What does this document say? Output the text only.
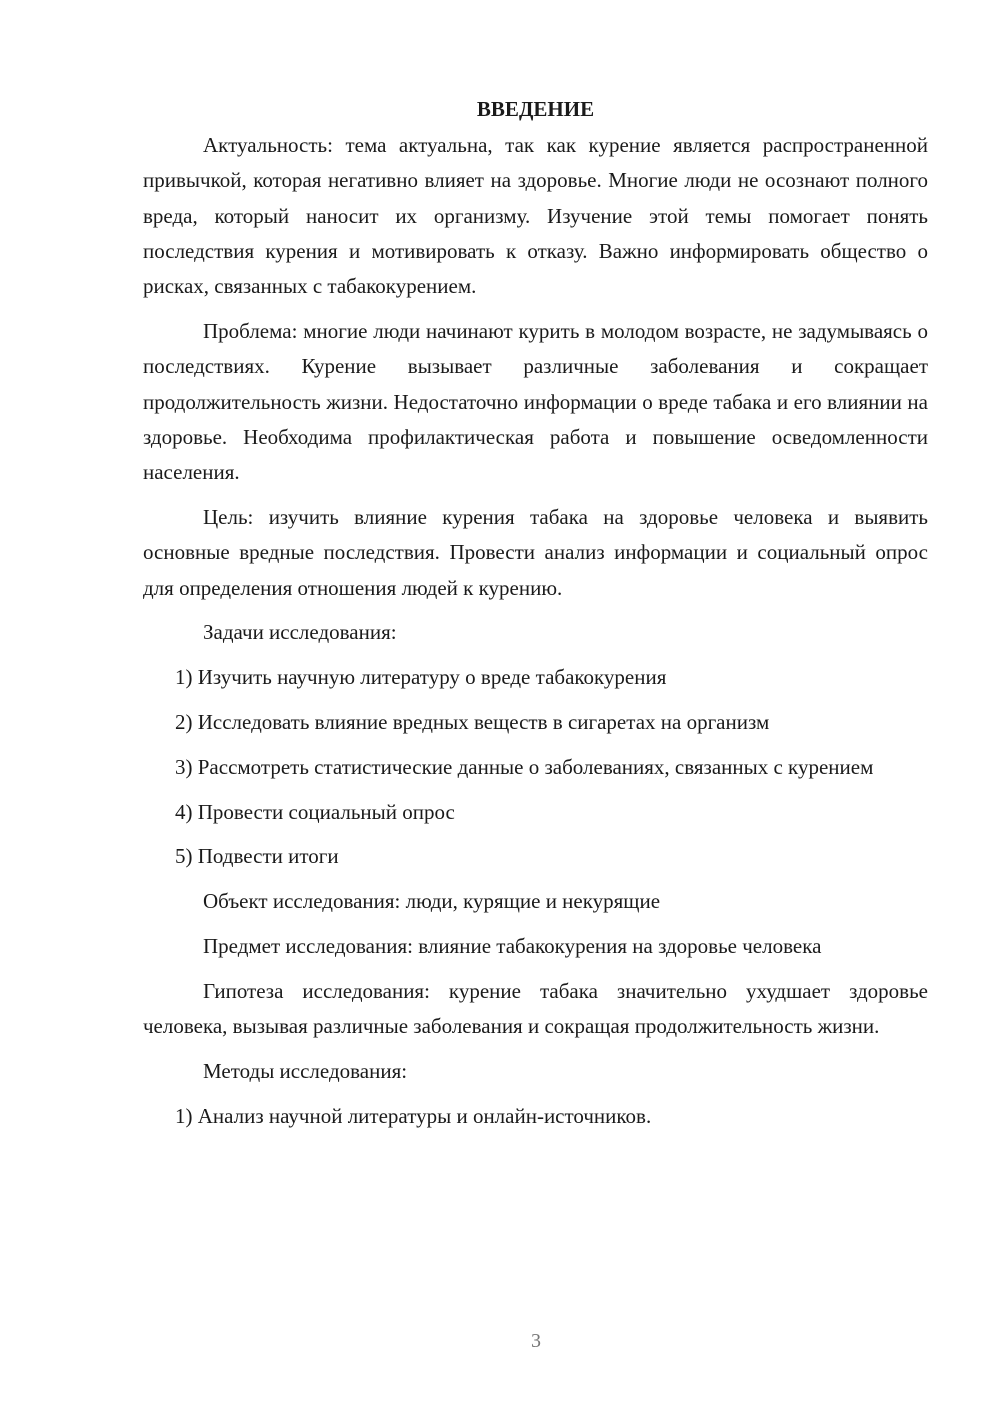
ВВЕДЕНИЕ

Актуальность: тема актуальна, так как курение является распространенной привычкой, которая негативно влияет на здоровье. Многие люди не осознают полного вреда, который наносит их организму. Изучение этой темы помогает понять последствия курения и мотивировать к отказу. Важно информировать общество о рисках, связанных с табакокурением.

Проблема: многие люди начинают курить в молодом возрасте, не задумываясь о последствиях. Курение вызывает различные заболевания и сокращает продолжительность жизни. Недостаточно информации о вреде табака и его влиянии на здоровье. Необходима профилактическая работа и повышение осведомленности населения.

Цель: изучить влияние курения табака на здоровье человека и выявить основные вредные последствия. Провести анализ информации и социальный опрос для определения отношения людей к курению.

Задачи исследования:

1) Изучить научную литературу о вреде табакокурения

2) Исследовать влияние вредных веществ в сигаретах на организм

3) Рассмотреть статистические данные о заболеваниях, связанных с курением

4) Провести социальный опрос

5) Подвести итоги

Объект исследования: люди, курящие и некурящие

Предмет исследования: влияние табакокурения на здоровье человека

Гипотеза исследования: курение табака значительно ухудшает здоровье человека, вызывая различные заболевания и сокращая продолжительность жизни.

Методы исследования:

1) Анализ научной литературы и онлайн-источников.

3
